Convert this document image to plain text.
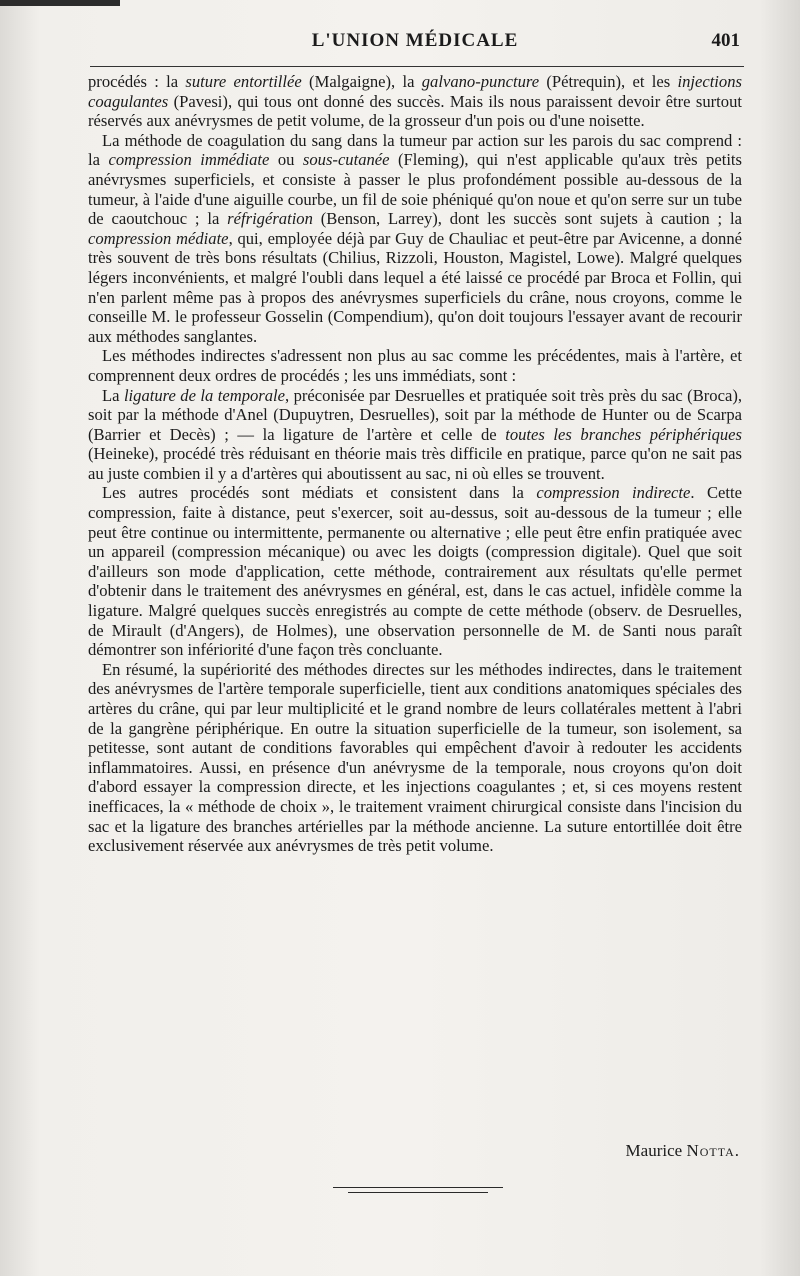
L'UNION MÉDICALE	401

procédés : la suture entortillée (Malgaigne), la galvano-puncture (Pétrequin), et les injections coagulantes (Pavesi), qui tous ont donné des succès. Mais ils nous paraissent devoir être surtout réservés aux anévrysmes de petit volume, de la grosseur d'un pois ou d'une noisette.

La méthode de coagulation du sang dans la tumeur par action sur les parois du sac comprend : la compression immédiate ou sous-cutanée (Fleming), qui n'est applicable qu'aux très petits anévrysmes superficiels, et consiste à passer le plus profondément possible au-dessous de la tumeur, à l'aide d'une aiguille courbe, un fil de soie phéniqué qu'on noue et qu'on serre sur un tube de caoutchouc ; la réfrigération (Benson, Larrey), dont les succès sont sujets à caution ; la compression médiate, qui, employée déjà par Guy de Chauliac et peut-être par Avicenne, a donné très souvent de très bons résultats (Chilius, Rizzoli, Houston, Magistel, Lowe). Malgré quelques légers inconvénients, et malgré l'oubli dans lequel a été laissé ce procédé par Broca et Follin, qui n'en parlent même pas à propos des anévrysmes superficiels du crâne, nous croyons, comme le conseille M. le professeur Gosselin (Compendium), qu'on doit toujours l'essayer avant de recourir aux méthodes sanglantes.

Les méthodes indirectes s'adressent non plus au sac comme les précédentes, mais à l'artère, et comprennent deux ordres de procédés ; les uns immédiats, sont :

La ligature de la temporale, préconisée par Desruelles et pratiquée soit très près du sac (Broca), soit par la méthode d'Anel (Dupuytren, Desruelles), soit par la méthode de Hunter ou de Scarpa (Barrier et Decès) ; — la ligature de l'artère et celle de toutes les branches périphériques (Heineke), procédé très réduisant en théorie mais très difficile en pratique, parce qu'on ne sait pas au juste combien il y a d'artères qui aboutissent au sac, ni où elles se trouvent.

Les autres procédés sont médiats et consistent dans la compression indirecte. Cette compression, faite à distance, peut s'exercer, soit au-dessus, soit au-dessous de la tumeur ; elle peut être continue ou intermittente, permanente ou alternative ; elle peut être enfin pratiquée avec un appareil (compression mécanique) ou avec les doigts (compression digitale). Quel que soit d'ailleurs son mode d'application, cette méthode, contrairement aux résultats qu'elle permet d'obtenir dans le traitement des anévrysmes en général, est, dans le cas actuel, infidèle comme la ligature. Malgré quelques succès enregistrés au compte de cette méthode (observ. de Desruelles, de Mirault (d'Angers), de Holmes), une observation personnelle de M. de Santi nous paraît démontrer son infériorité d'une façon très concluante.

En résumé, la supériorité des méthodes directes sur les méthodes indirectes, dans le traitement des anévrysmes de l'artère temporale superficielle, tient aux conditions anatomiques spéciales des artères du crâne, qui par leur multiplicité et le grand nombre de leurs collatérales mettent à l'abri de la gangrène périphérique. En outre la situation superficielle de la tumeur, son isolement, sa petitesse, sont autant de conditions favorables qui empêchent d'avoir à redouter les accidents inflammatoires. Aussi, en présence d'un anévrysme de la temporale, nous croyons qu'on doit d'abord essayer la compression directe, et les injections coagulantes ; et, si ces moyens restent inefficaces, la « méthode de choix », le traitement vraiment chirurgical consiste dans l'incision du sac et la ligature des branches artérielles par la méthode ancienne. La suture entortillée doit être exclusivement réservée aux anévrysmes de très petit volume.

Maurice Notta.
